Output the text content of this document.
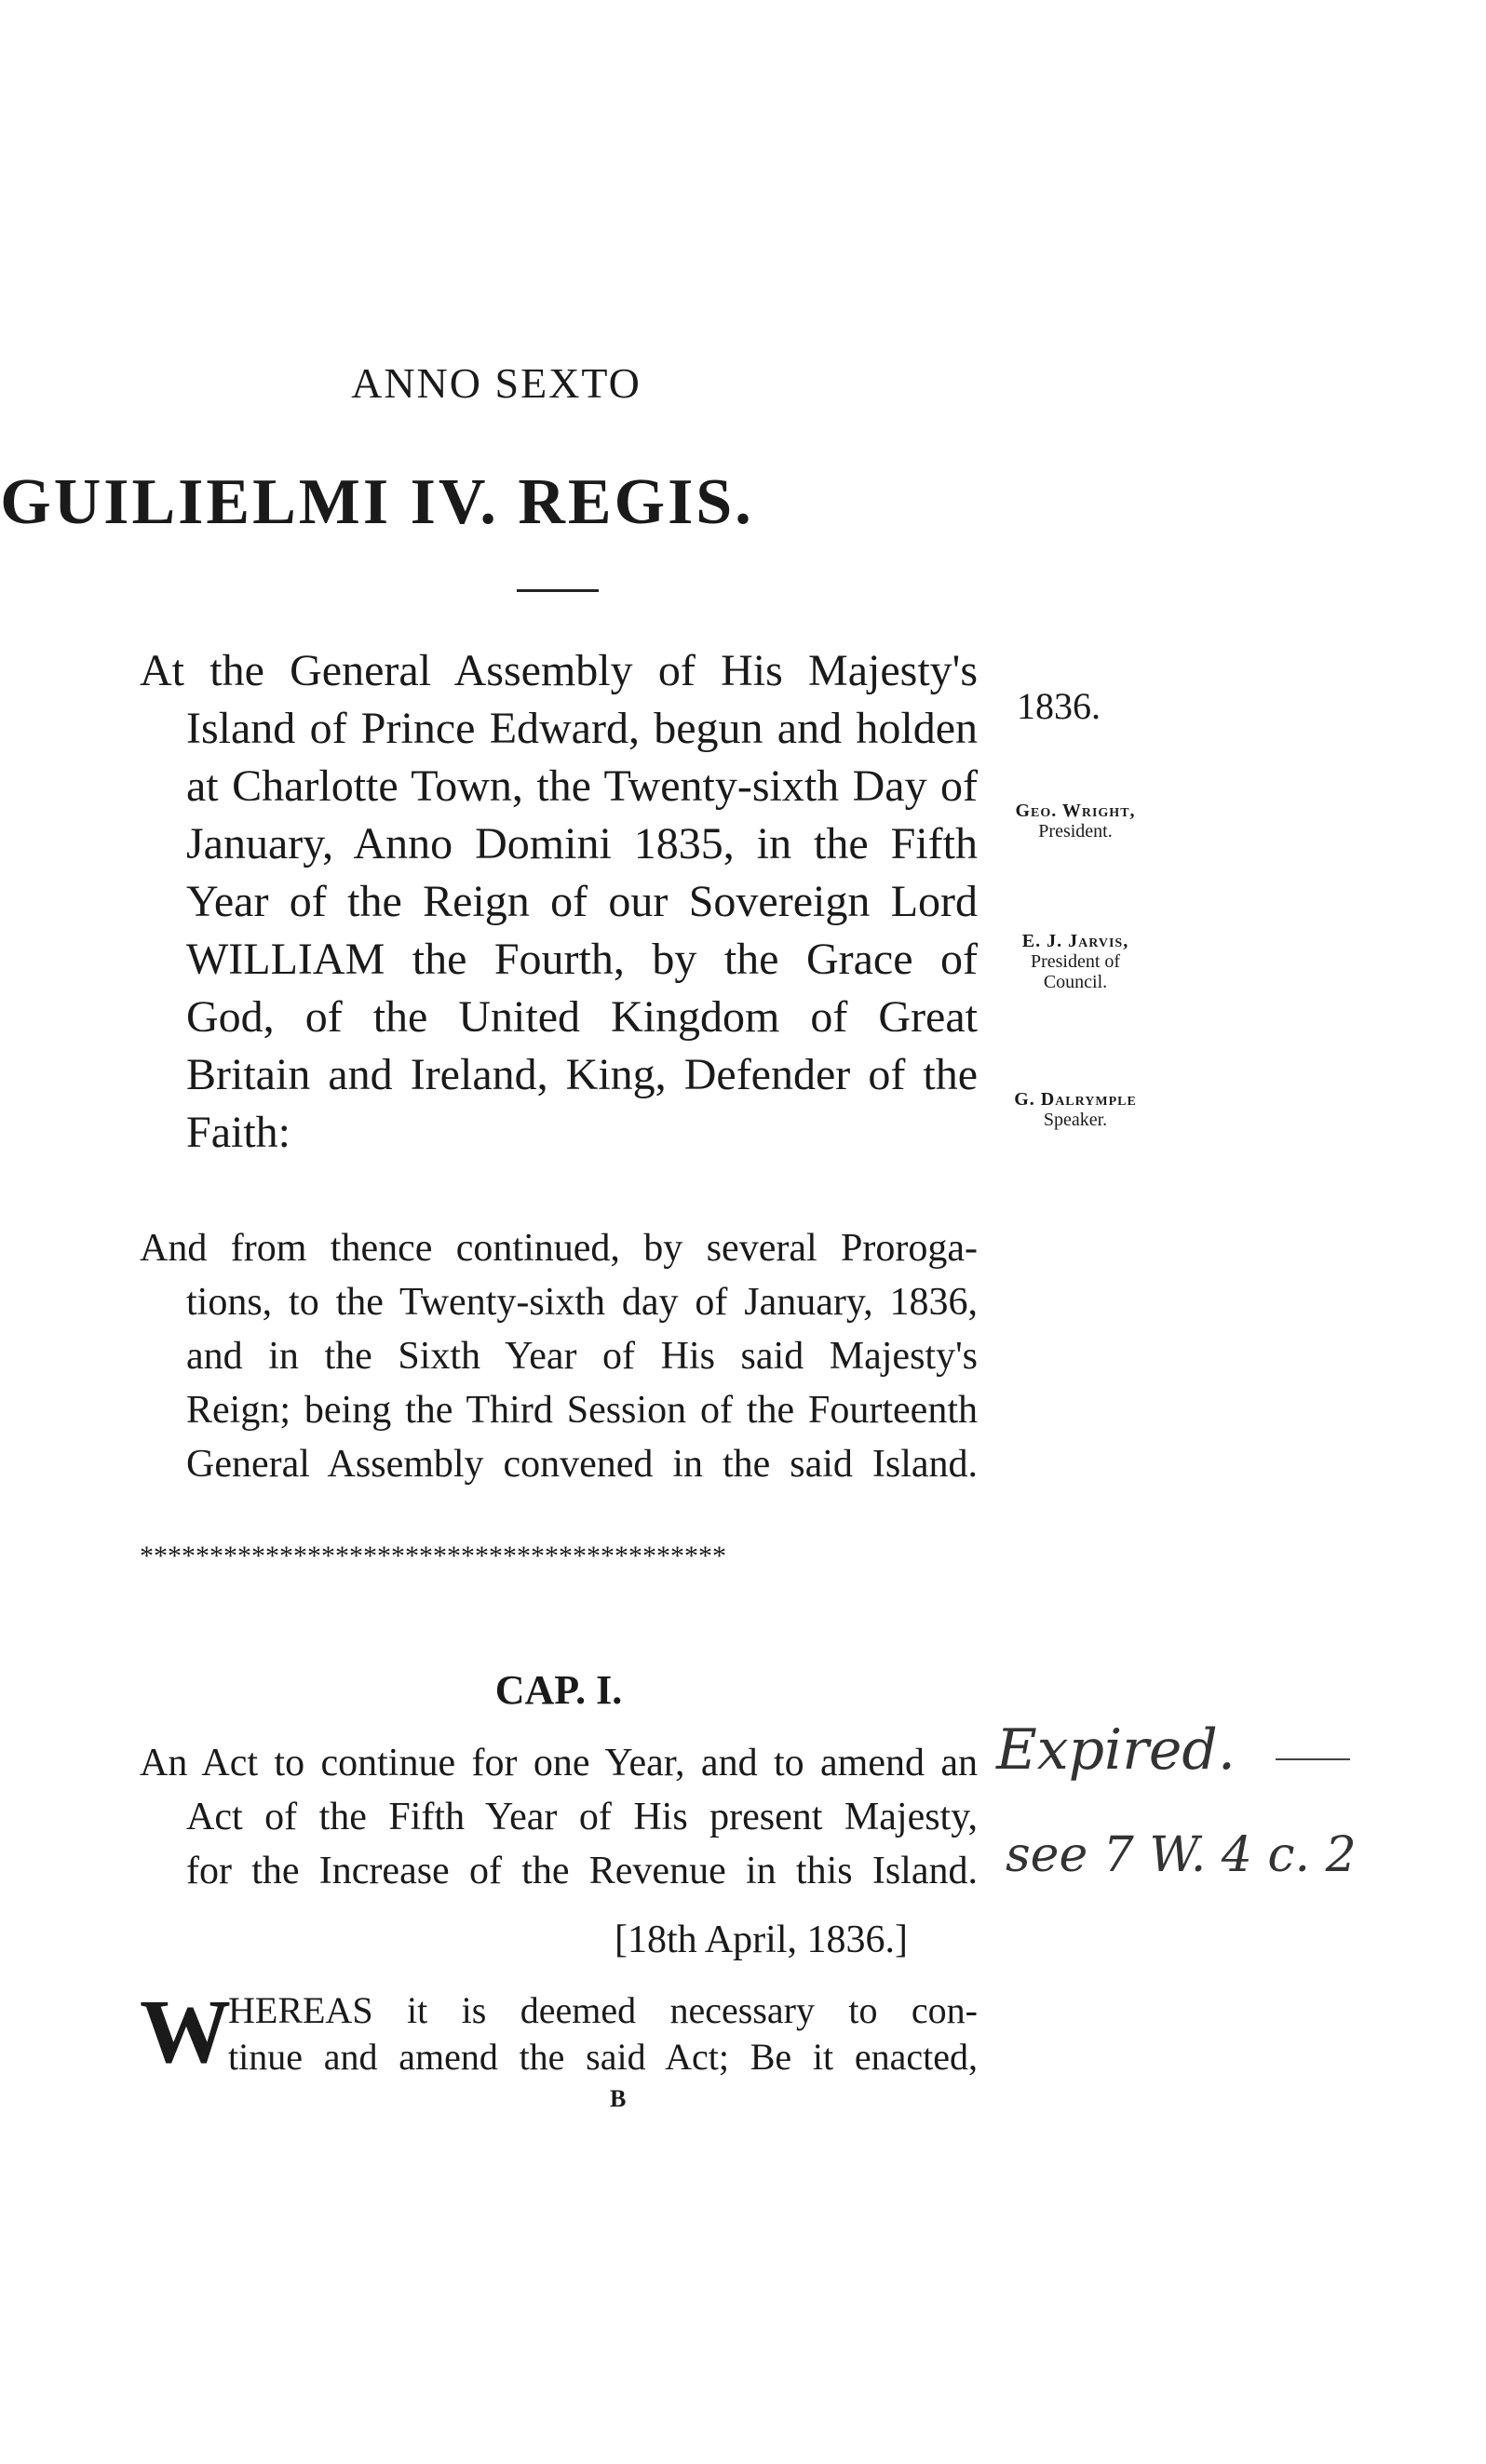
ANNO SEXTO
GUILIELMI IV. REGIS.
At the General Assembly of His Majesty's
Island of Prince Edward, begun and holden
at Charlotte Town, the Twenty-sixth Day of
January, Anno Domini 1835, in the Fifth
Year of the Reign of our Sovereign Lord
WILLIAM the Fourth, by the Grace of
God, of the United Kingdom of Great
Britain and Ireland, King, Defender of the
Faith:
1836.
Geo. Wright,
President.
E. J. Jarvis,
President of
Council.
G. Dalrymple
Speaker.
And from thence continued, by several Proroga-
tions, to the Twenty-sixth day of January, 1836,
and in the Sixth Year of His said Majesty's
Reign; being the Third Session of the Fourteenth
General Assembly convened in the said Island.
******************************************
CAP. I.
An Act to continue for one Year, and to amend an
Act of the Fifth Year of His present Majesty,
for the Increase of the Revenue in this Island.
[18th April, 1836.]
W
HEREAS it is deemed necessary to con-
tinue and amend the said Act; Be it enacted,
B
Expired.
see 7 W. 4 c. 2
